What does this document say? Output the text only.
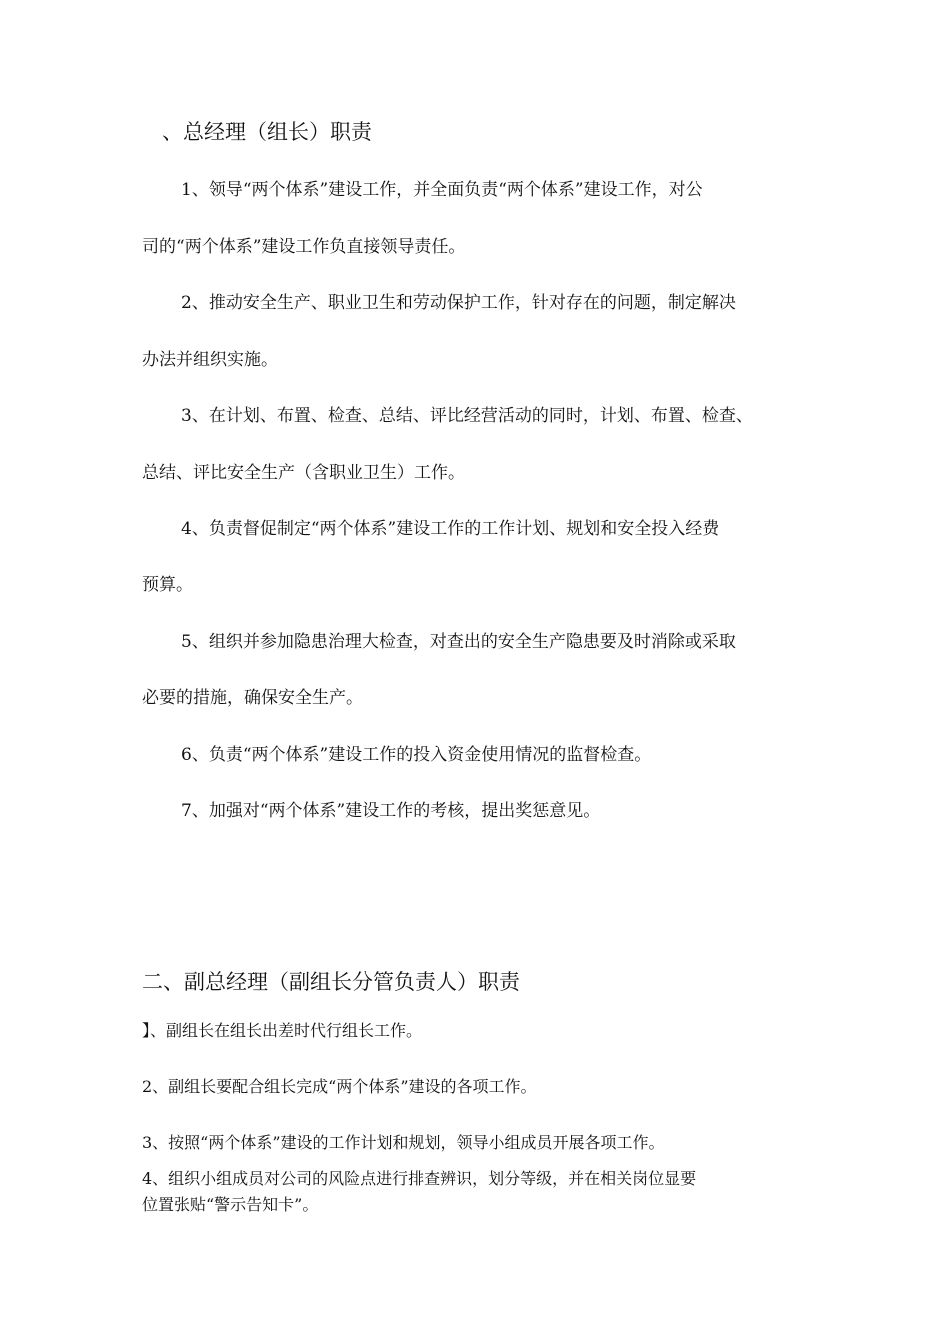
、总经理（组长）职责
1、领导“两个体系”建设工作，并全面负责“两个体系”建设工作，对公
司的“两个体系”建设工作负直接领导责任。
2、推动安全生产、职业卫生和劳动保护工作，针对存在的问题，制定解决
办法并组织实施。
3、在计划、布置、检查、总结、评比经营活动的同时，计划、布置、检查、
总结、评比安全生产（含职业卫生）工作。
4、负责督促制定“两个体系”建设工作的工作计划、规划和安全投入经费
预算。
5、组织并参加隐患治理大检查，对查出的安全生产隐患要及时消除或采取
必要的措施，确保安全生产。
6、负责“两个体系”建设工作的投入资金使用情况的监督检查。
7、加强对“两个体系”建设工作的考核，提出奖惩意见。
二、副总经理（副组长分管负责人）职责
】、副组长在组长出差时代行组长工作。
2、副组长要配合组长完成“两个体系”建设的各项工作。
3、按照“两个体系”建设的工作计划和规划，领导小组成员开展各项工作。
4、组织小组成员对公司的风险点进行排查辨识，划分等级，并在相关岗位显要
位置张贴“警示告知卡”。
